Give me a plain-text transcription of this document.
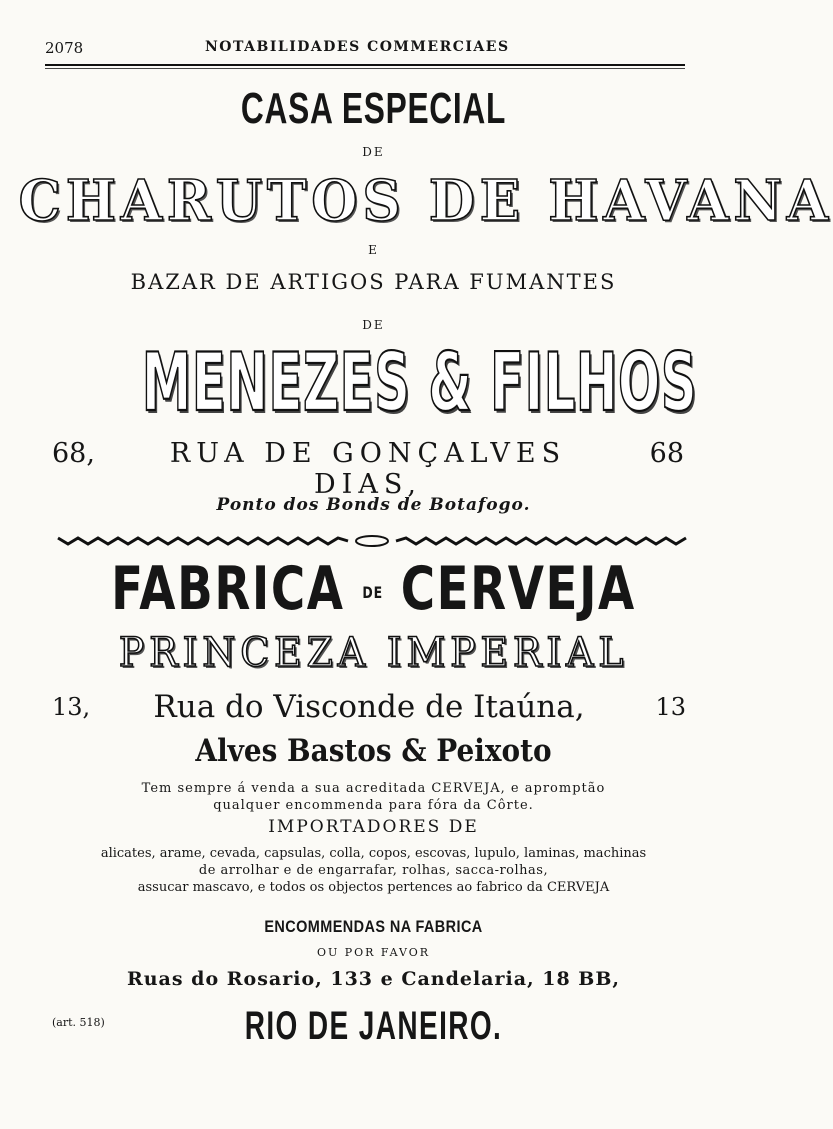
2078	NOTABILIDADES COMMERCIAES
CASA ESPECIAL
DE
CHARUTOS DE HAVANA
E
BAZAR DE ARTIGOS PARA FUMANTES
DE
MENEZES & FILHOS
68,	RUA DE GONÇALVES DIAS,
68
Ponto dos Bonds de Botafogo.
FABRICA DE CERVEJA
PRINCEZA IMPERIAL
13,	Rua do Visconde de Itaúna,	13
Alves Bastos & Peixoto
Tem sempre á venda a sua acreditada CERVEJA, e apromptão
qualquer encommenda para fóra da Côrte.
IMPORTADORES DE
alicates, arame, cevada, capsulas, colla, copos, escovas, lupulo, laminas, machinas
de arrolhar e de engarrafar, rolhas, sacca-rolhas,
assucar mascavo, e todos os objectos pertences ao fabrico da CERVEJA
ENCOMMENDAS NA FABRICA
OU POR FAVOR
Ruas do Rosario, 133 e Candelaria, 18 BB,
(art. 518)	RIO DE JANEIRO.
